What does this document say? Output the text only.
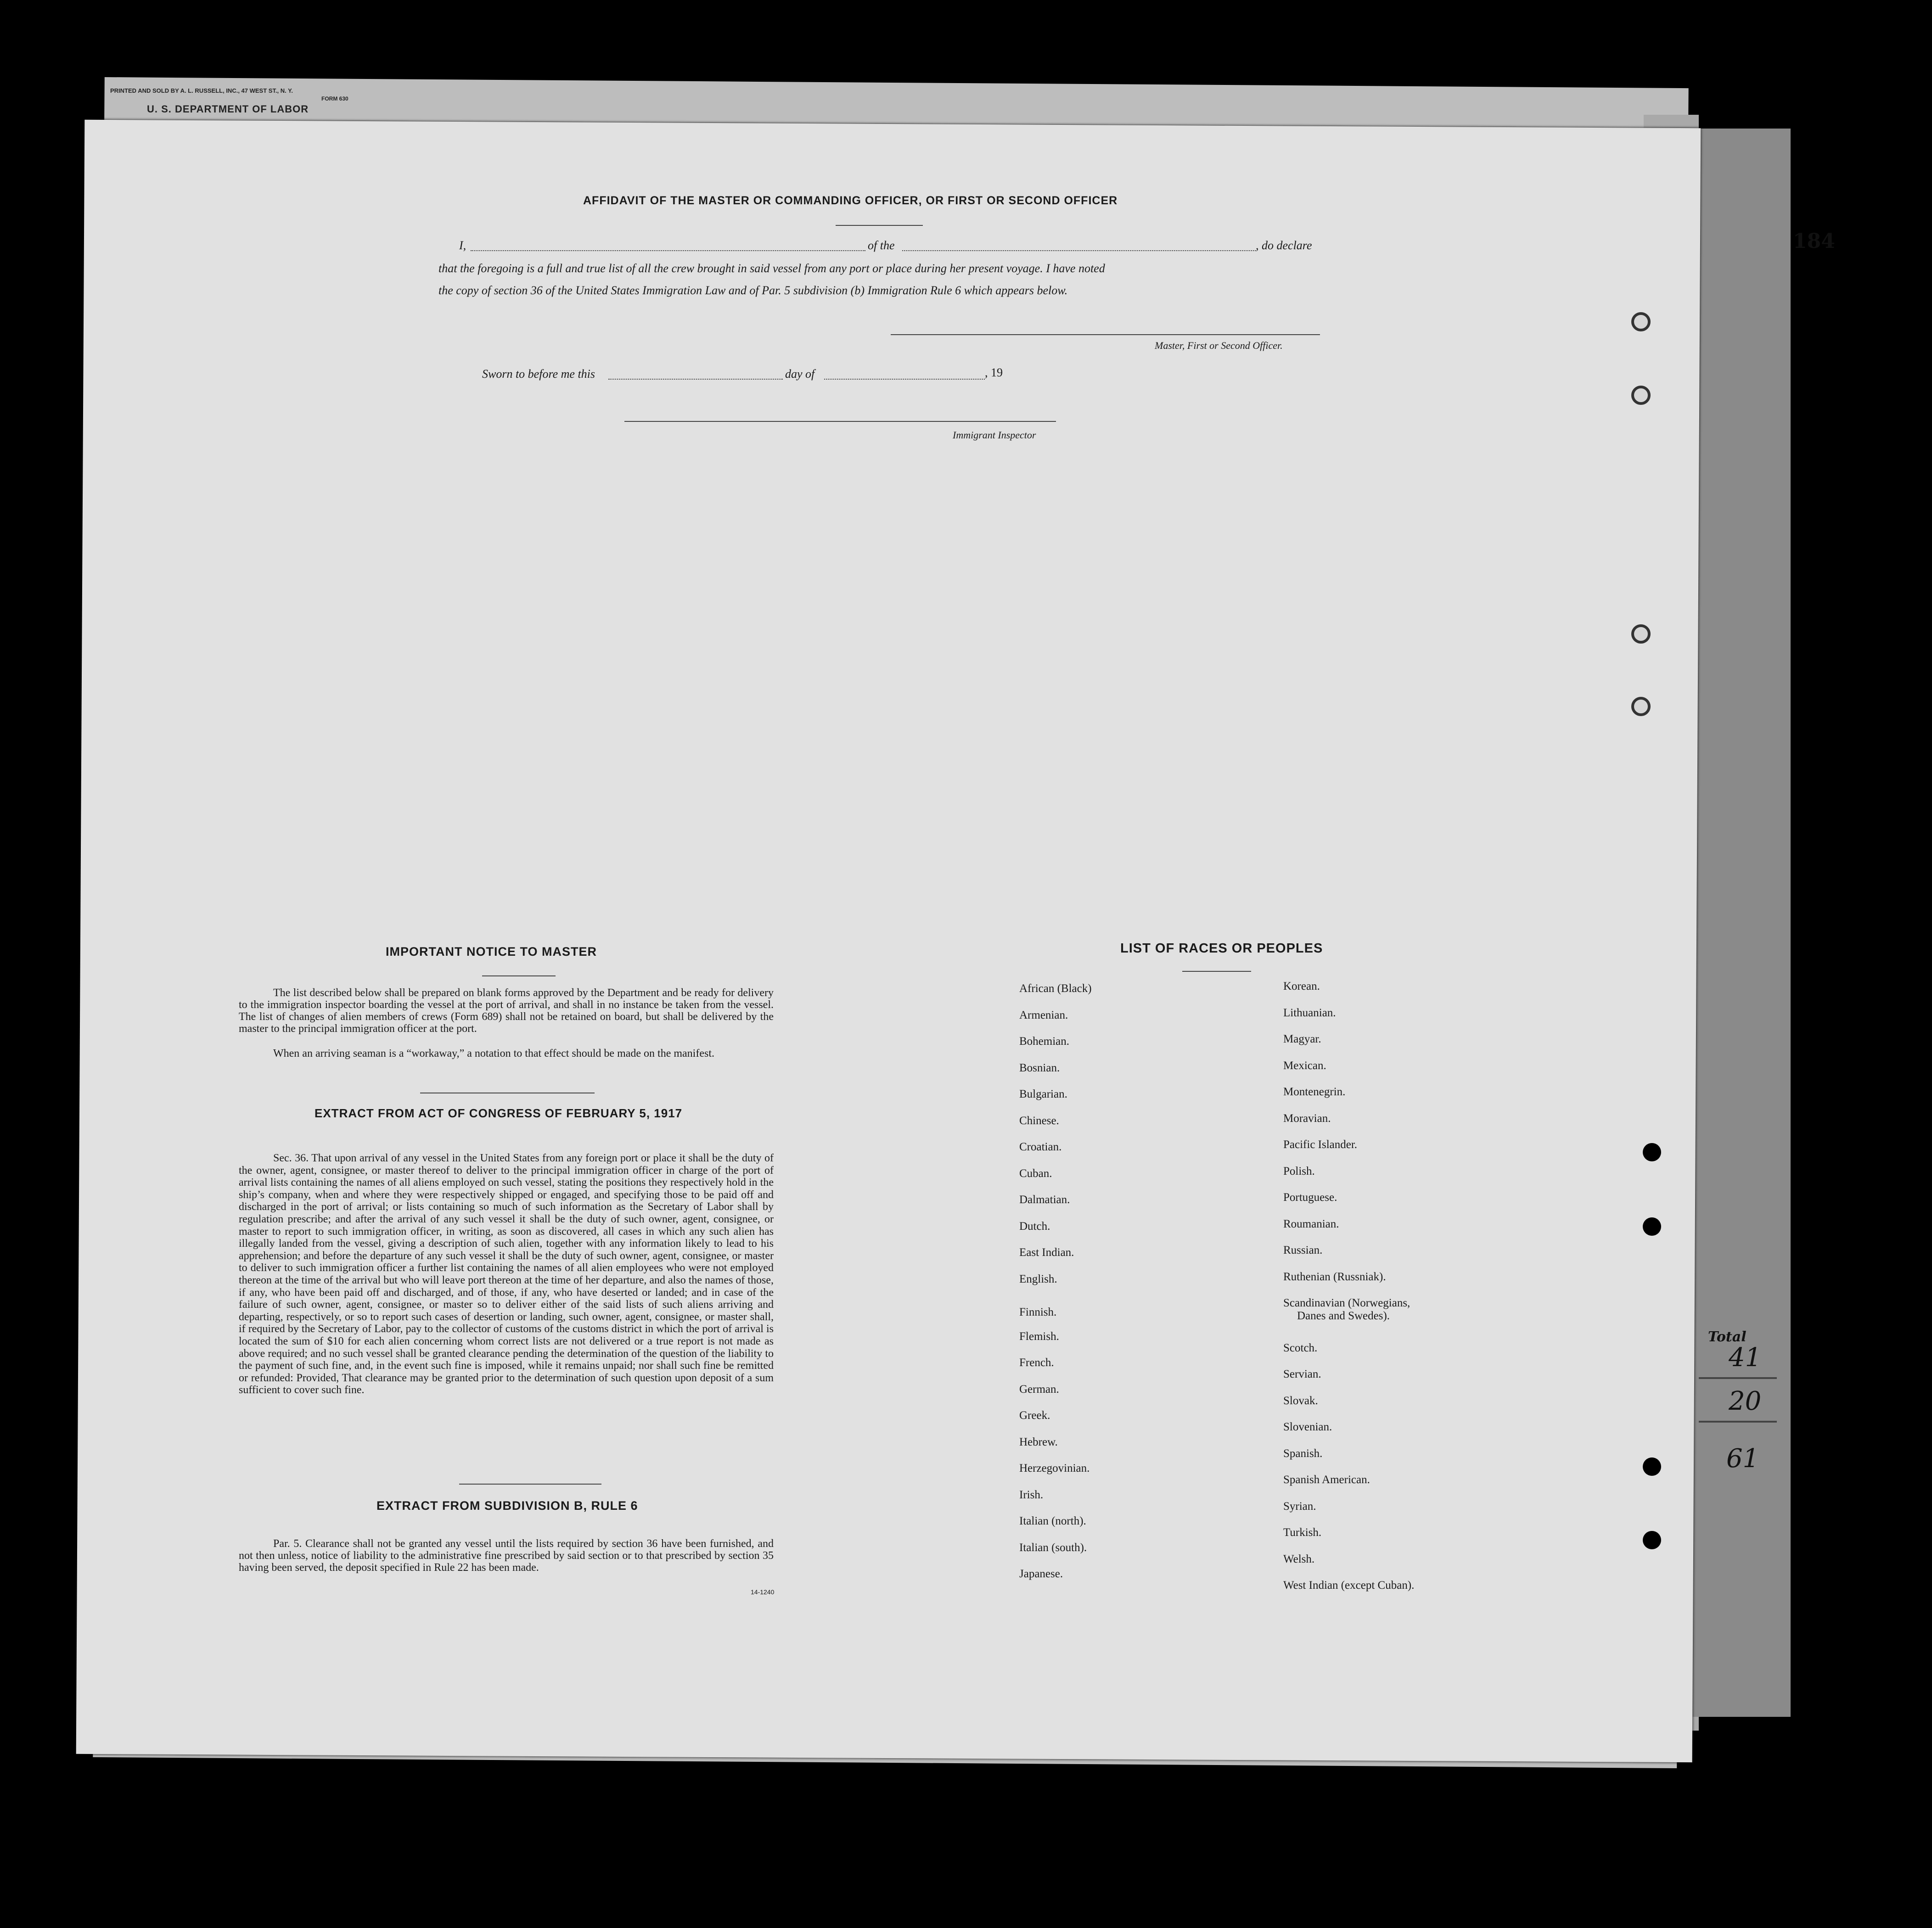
PRINTED AND SOLD BY A. L. RUSSELL, INC., 47 WEST ST., N. Y.
FORM 630
U. S. DEPARTMENT OF LABOR
184
AFFIDAVIT OF THE MASTER OR COMMANDING OFFICER, OR FIRST OR SECOND OFFICER
I,	of the	, do declare
that the foregoing is a full and true list of all the crew brought in said vessel from any port or place during her present voyage. I have noted
the copy of section 36 of the United States Immigration Law and of Par. 5 subdivision (b) Immigration Rule 6 which appears below.
Master, First or Second Officer.
Sworn to before me this	day of	, 19
Immigrant Inspector
IMPORTANT NOTICE TO MASTER
The list described below shall be prepared on blank forms approved by the Department and be ready for delivery to the immigration inspector boarding the vessel at the port of arrival, and shall in no instance be taken from the vessel. The list of changes of alien members of crews (Form 689) shall not be retained on board, but shall be delivered by the master to the principal immigration officer at the port.
When an arriving seaman is a “workaway,” a notation to that effect should be made on the manifest.
EXTRACT FROM ACT OF CONGRESS OF FEBRUARY 5, 1917
Sec. 36. That upon arrival of any vessel in the United States from any foreign port or place it shall be the duty of the owner, agent, consignee, or master thereof to deliver to the principal immigration officer in charge of the port of arrival lists containing the names of all aliens employed on such vessel, stating the positions they respectively hold in the ship’s company, when and where they were respectively shipped or engaged, and specifying those to be paid off and discharged in the port of arrival; or lists containing so much of such information as the Secretary of Labor shall by regulation prescribe; and after the arrival of any such vessel it shall be the duty of such owner, agent, consignee, or master to report to such immigration officer, in writing, as soon as discovered, all cases in which any such alien has illegally landed from the vessel, giving a description of such alien, together with any information likely to lead to his apprehension; and before the departure of any such vessel it shall be the duty of such owner, agent, consignee, or master to deliver to such immigration officer a further list containing the names of all alien employees who were not employed thereon at the time of the arrival but who will leave port thereon at the time of her departure, and also the names of those, if any, who have been paid off and discharged, and of those, if any, who have deserted or landed; and in case of the failure of such owner, agent, consignee, or master so to deliver either of the said lists of such aliens arriving and departing, respectively, or so to report such cases of desertion or landing, such owner, agent, consignee, or master shall, if required by the Secretary of Labor, pay to the collector of customs of the customs district in which the port of arrival is located the sum of $10 for each alien concerning whom correct lists are not delivered or a true report is not made as above required; and no such vessel shall be granted clearance pending the determination of the question of the liability to the payment of such fine, and, in the event such fine is imposed, while it remains unpaid; nor shall such fine be remitted or refunded: Provided, That clearance may be granted prior to the determination of such question upon deposit of a sum sufficient to cover such fine.
EXTRACT FROM SUBDIVISION B, RULE 6
Par. 5. Clearance shall not be granted any vessel until the lists required by section 36 have been furnished, and not then unless, notice of liability to the administrative fine prescribed by said section or to that prescribed by section 35 having been served, the deposit specified in Rule 22 has been made.
14-1240
LIST OF RACES OR PEOPLES
African (Black)
Armenian.
Bohemian.
Bosnian.
Bulgarian.
Chinese.
Croatian.
Cuban.
Dalmatian.
Dutch.
East Indian.
English.
Finnish.
Flemish.
French.
German.
Greek.
Hebrew.
Herzegovinian.
Irish.
Italian (north).
Italian (south).
Japanese.
Korean.
Lithuanian.
Magyar.
Mexican.
Montenegrin.
Moravian.
Pacific Islander.
Polish.
Portuguese.
Roumanian.
Russian.
Ruthenian (Russniak).
Scandinavian (Norwegians,
Danes and Swedes).
Scotch.
Servian.
Slovak.
Slovenian.
Spanish.
Spanish American.
Syrian.
Turkish.
Welsh.
West Indian (except Cuban).
Total
41
20
61
